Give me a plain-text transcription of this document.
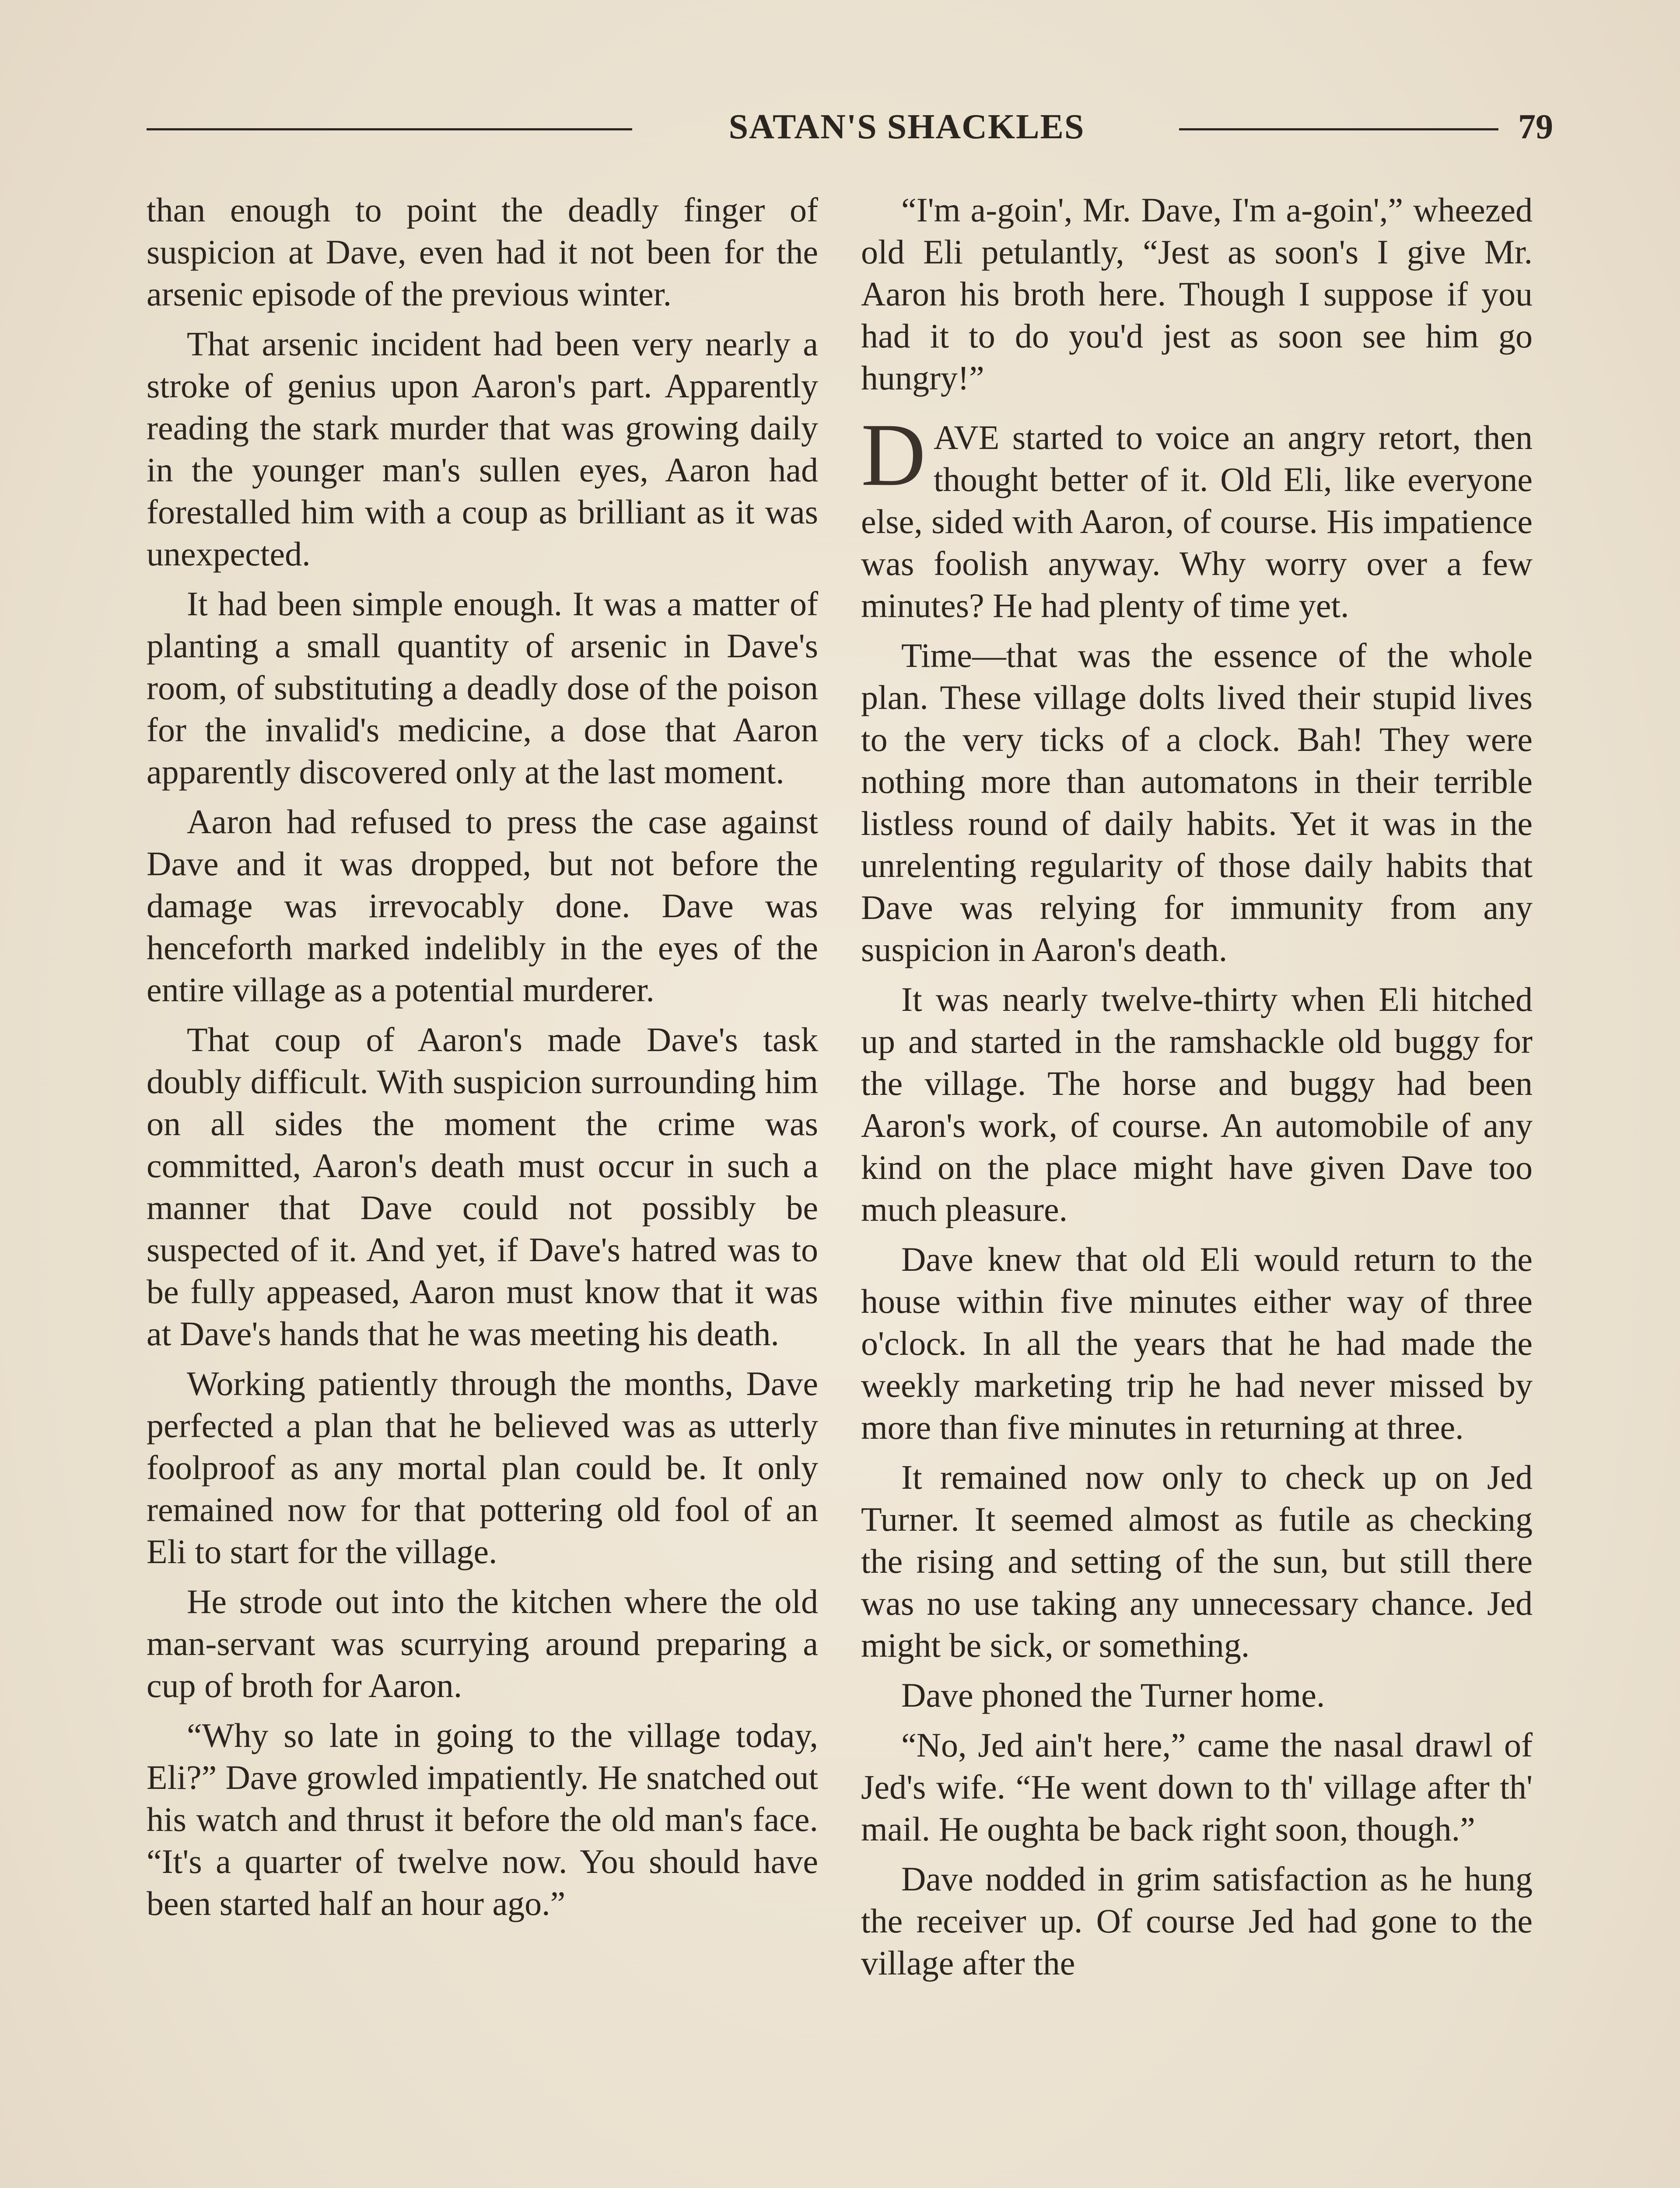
SATAN'S SHACKLES	79

than enough to point the deadly finger of suspicion at Dave, even had it not been for the arsenic episode of the previous winter.

That arsenic incident had been very nearly a stroke of genius upon Aaron's part. Apparently reading the stark murder that was growing daily in the younger man's sullen eyes, Aaron had forestalled him with a coup as brilliant as it was unexpected.

It had been simple enough. It was a matter of planting a small quantity of arsenic in Dave's room, of substituting a deadly dose of the poison for the invalid's medicine, a dose that Aaron apparently discovered only at the last moment.

Aaron had refused to press the case against Dave and it was dropped, but not before the damage was irrevocably done. Dave was henceforth marked indelibly in the eyes of the entire village as a potential murderer.

That coup of Aaron's made Dave's task doubly difficult. With suspicion surrounding him on all sides the moment the crime was committed, Aaron's death must occur in such a manner that Dave could not possibly be suspected of it. And yet, if Dave's hatred was to be fully appeased, Aaron must know that it was at Dave's hands that he was meeting his death.

Working patiently through the months, Dave perfected a plan that he believed was as utterly foolproof as any mortal plan could be. It only remained now for that pottering old fool of an Eli to start for the village.

He strode out into the kitchen where the old man-servant was scurrying around preparing a cup of broth for Aaron.

“Why so late in going to the village today, Eli?” Dave growled impatiently. He snatched out his watch and thrust it before the old man's face. “It's a quarter of twelve now. You should have been started half an hour ago.”

“I'm a-goin', Mr. Dave, I'm a-goin',” wheezed old Eli petulantly, “Jest as soon's I give Mr. Aaron his broth here. Though I suppose if you had it to do you'd jest as soon see him go hungry!”

DAVE started to voice an angry retort, then thought better of it. Old Eli, like everyone else, sided with Aaron, of course. His impatience was foolish anyway. Why worry over a few minutes? He had plenty of time yet.

Time—that was the essence of the whole plan. These village dolts lived their stupid lives to the very ticks of a clock. Bah! They were nothing more than automatons in their terrible listless round of daily habits. Yet it was in the unrelenting regularity of those daily habits that Dave was relying for immunity from any suspicion in Aaron's death.

It was nearly twelve-thirty when Eli hitched up and started in the ramshackle old buggy for the village. The horse and buggy had been Aaron's work, of course. An automobile of any kind on the place might have given Dave too much pleasure.

Dave knew that old Eli would return to the house within five minutes either way of three o'clock. In all the years that he had made the weekly marketing trip he had never missed by more than five minutes in returning at three.

It remained now only to check up on Jed Turner. It seemed almost as futile as checking the rising and setting of the sun, but still there was no use taking any unnecessary chance. Jed might be sick, or something.

Dave phoned the Turner home.

“No, Jed ain't here,” came the nasal drawl of Jed's wife. “He went down to th' village after th' mail. He oughta be back right soon, though.”

Dave nodded in grim satisfaction as he hung the receiver up. Of course Jed had gone to the village after the
